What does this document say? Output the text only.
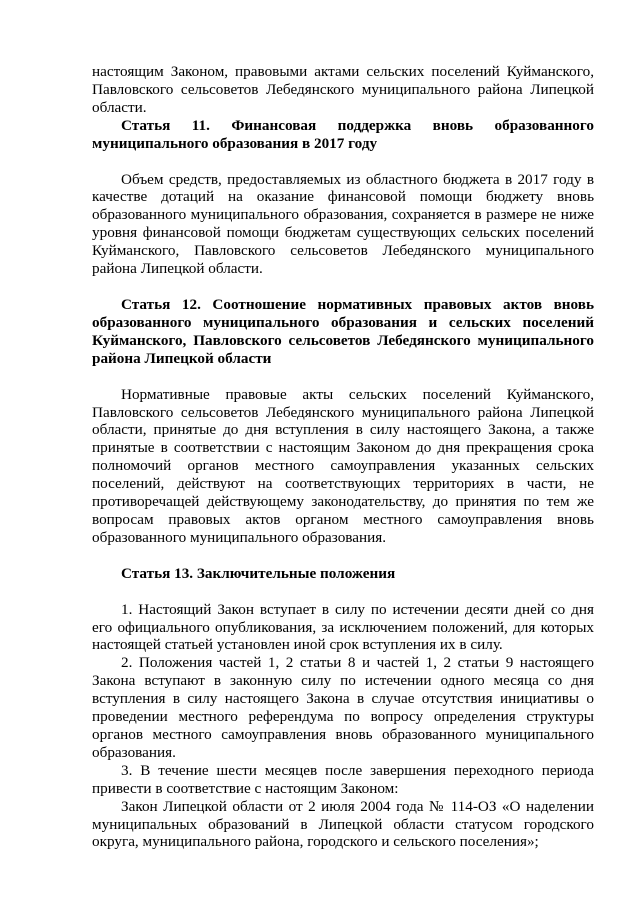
настоящим Законом, правовыми актами сельских поселений Куйманского, Павловского сельсоветов Лебедянского муниципального района Липецкой области.

Статья 11. Финансовая поддержка вновь образованного муниципального образования в 2017 году

Объем средств, предоставляемых из областного бюджета в 2017 году в качестве дотаций на оказание финансовой помощи бюджету вновь образованного муниципального образования, сохраняется в размере не ниже уровня финансовой помощи бюджетам существующих сельских поселений Куйманского, Павловского сельсоветов Лебедянского муниципального района Липецкой области.

Статья 12. Соотношение нормативных правовых актов вновь образованного муниципального образования и сельских поселений Куйманского, Павловского сельсоветов Лебедянского муниципального района Липецкой области

Нормативные правовые акты сельских поселений Куйманского, Павловского сельсоветов Лебедянского муниципального района Липецкой области, принятые до дня вступления в силу настоящего Закона, а также принятые в соответствии с настоящим Законом до дня прекращения срока полномочий органов местного самоуправления указанных сельских поселений, действуют на соответствующих территориях в части, не противоречащей действующему законодательству, до принятия по тем же вопросам правовых актов органом местного самоуправления вновь образованного муниципального образования.

Статья 13. Заключительные положения

1. Настоящий Закон вступает в силу по истечении десяти дней со дня его официального опубликования, за исключением положений, для которых настоящей статьей установлен иной срок вступления их в силу.

2. Положения частей 1, 2 статьи 8 и частей 1, 2 статьи 9 настоящего Закона вступают в законную силу по истечении одного месяца со дня вступления в силу настоящего Закона в случае отсутствия инициативы о проведении местного референдума по вопросу определения структуры органов местного самоуправления вновь образованного муниципального образования.

3. В течение шести месяцев после завершения переходного периода привести в соответствие с настоящим Законом:

Закон Липецкой области от 2 июля 2004 года № 114-ОЗ «О наделении муниципальных образований в Липецкой области статусом городского округа, муниципального района, городского и сельского поселения»;
